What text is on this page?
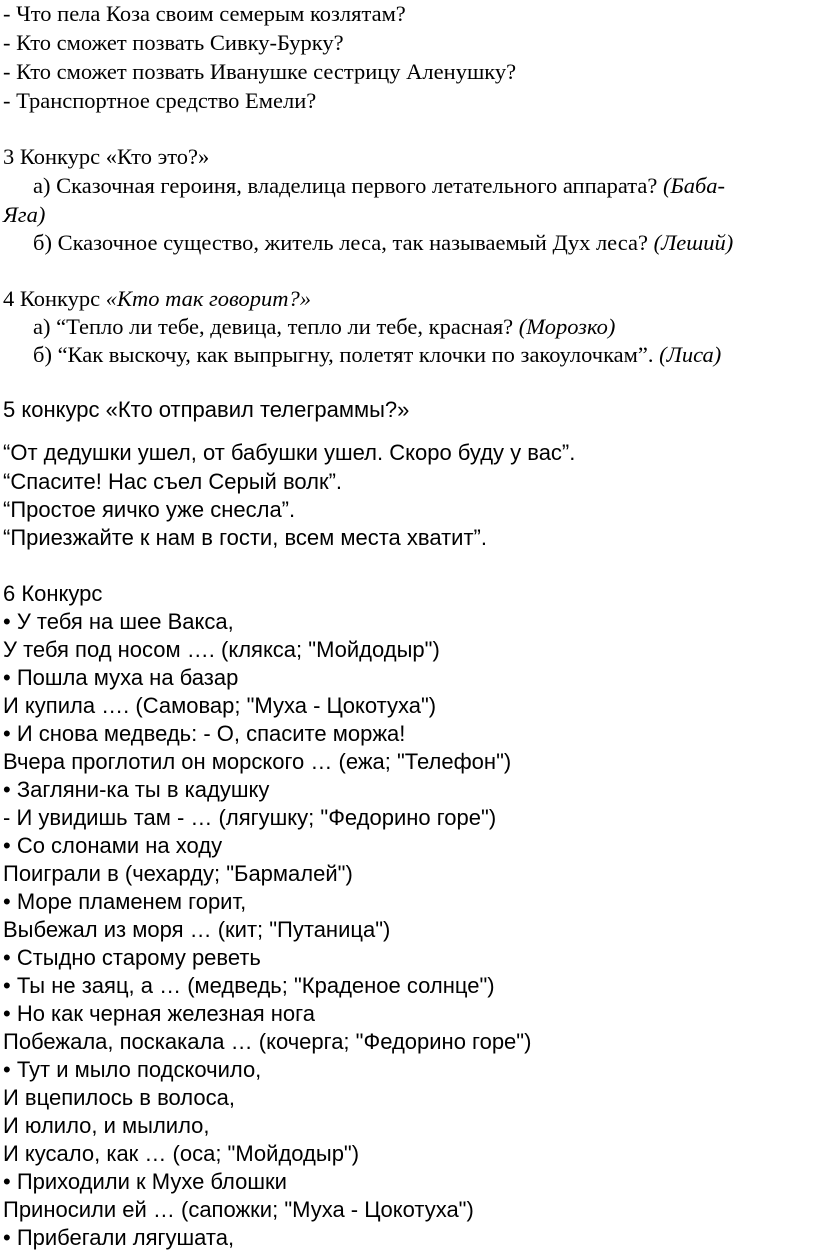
- Что пела Коза своим семерым козлятам?
- Кто сможет позвать Сивку-Бурку?
- Кто сможет позвать Иванушке сестрицу Аленушку?
- Транспортное средство Емели?
3 Конкурс «Кто это?»
а) Сказочная героиня, владелица первого летательного аппарата? (Баба-
Яга)
б) Сказочное существо, житель леса, так называемый Дух леса? (Леший)
4 Конкурс «Кто так говорит?»
а) “Тепло ли тебе, девица, тепло ли тебе, красная? (Морозко)
б) “Как выскочу, как выпрыгну, полетят клочки по закоулочкам”. (Лиса)
5 конкурс «Кто отправил телеграммы?»
“От дедушки ушел, от бабушки ушел. Скоро буду у вас”.
“Спасите! Нас съел Серый волк”.
“Простое яичко уже снесла”.
“Приезжайте к нам в гости, всем места хватит”.
6 Конкурс
• У тебя на шее Вакса,
У тебя под носом …. (клякса; "Мойдодыр")
• Пошла муха на базар
И купила …. (Самовар; "Муха - Цокотуха")
• И снова медведь: - О, спасите моржа!
Вчера проглотил он морского … (ежа; "Телефон")
• Загляни-ка ты в кадушку
- И увидишь там - … (лягушку; "Федорино горе")
• Со слонами на ходу
Поиграли в (чехарду; "Бармалей")
• Море пламенем горит,
Выбежал из моря … (кит; "Путаница")
• Стыдно старому реветь
• Ты не заяц, а … (медведь; "Краденое солнце")
• Но как черная железная нога
Побежала, поскакала … (кочерга; "Федорино горе")
• Тут и мыло подскочило,
И вцепилось в волоса,
И юлило, и мылило,
И кусало, как … (оса; "Мойдодыр")
• Приходили к Мухе блошки
Приносили ей … (сапожки; "Муха - Цокотуха")
• Прибегали лягушата,
